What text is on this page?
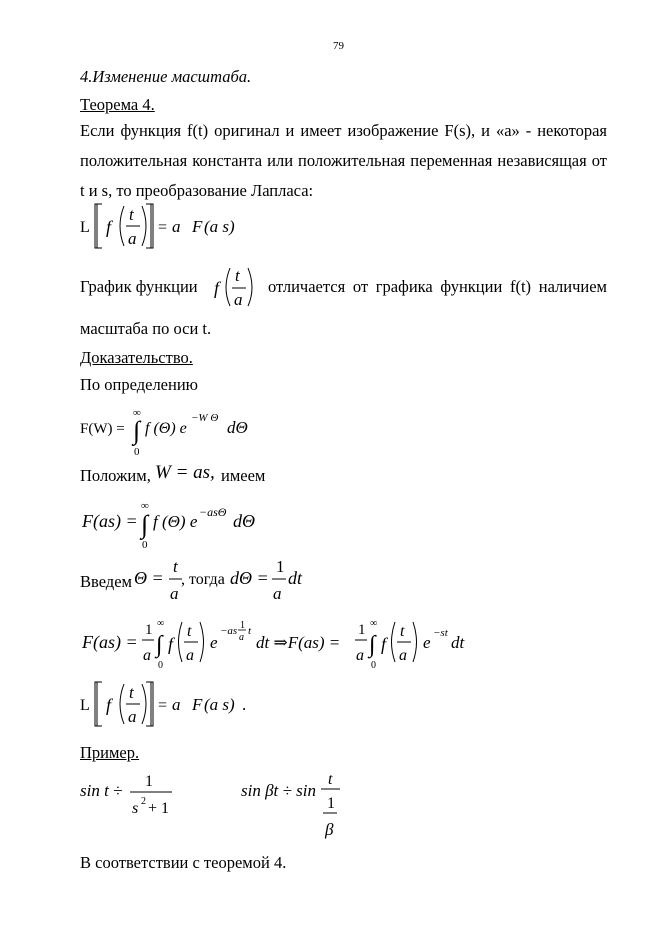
79
4.Изменение масштаба.
Теорема 4.
Если функция f(t) оригинал и имеет изображение F(s), и «a» - некоторая положительная константа или положительная переменная независящая от t и s, то преобразование Лапласа:
L f
t
a
= a F (a s)
График функции f
t
a
отличается от графика функции f(t) наличием
масштаба по оси t.
Доказательство.
По определению
F(W) =
∞
∫
0
f (Θ) e
−W Θ dΘ
Положим, W = as, имеем
F(as) =
∞
∫
0
f (Θ) e −asΘ dΘ
Введем Θ =
t
a
, тогда dΘ =
1
a
dt
F(as) =
1
a
∞
∫
0
f
t
a
e
−as 1
a
t
dt ⇒F(as) =
1
a
∞
∫
0
f
t
a
e −st dt
L f
t
a
= a F (a s) .
Пример.
sin t ÷ 1
s 2 + 1
sin βt ÷ sin
t
1
β
В соответствии с теоремой 4.
